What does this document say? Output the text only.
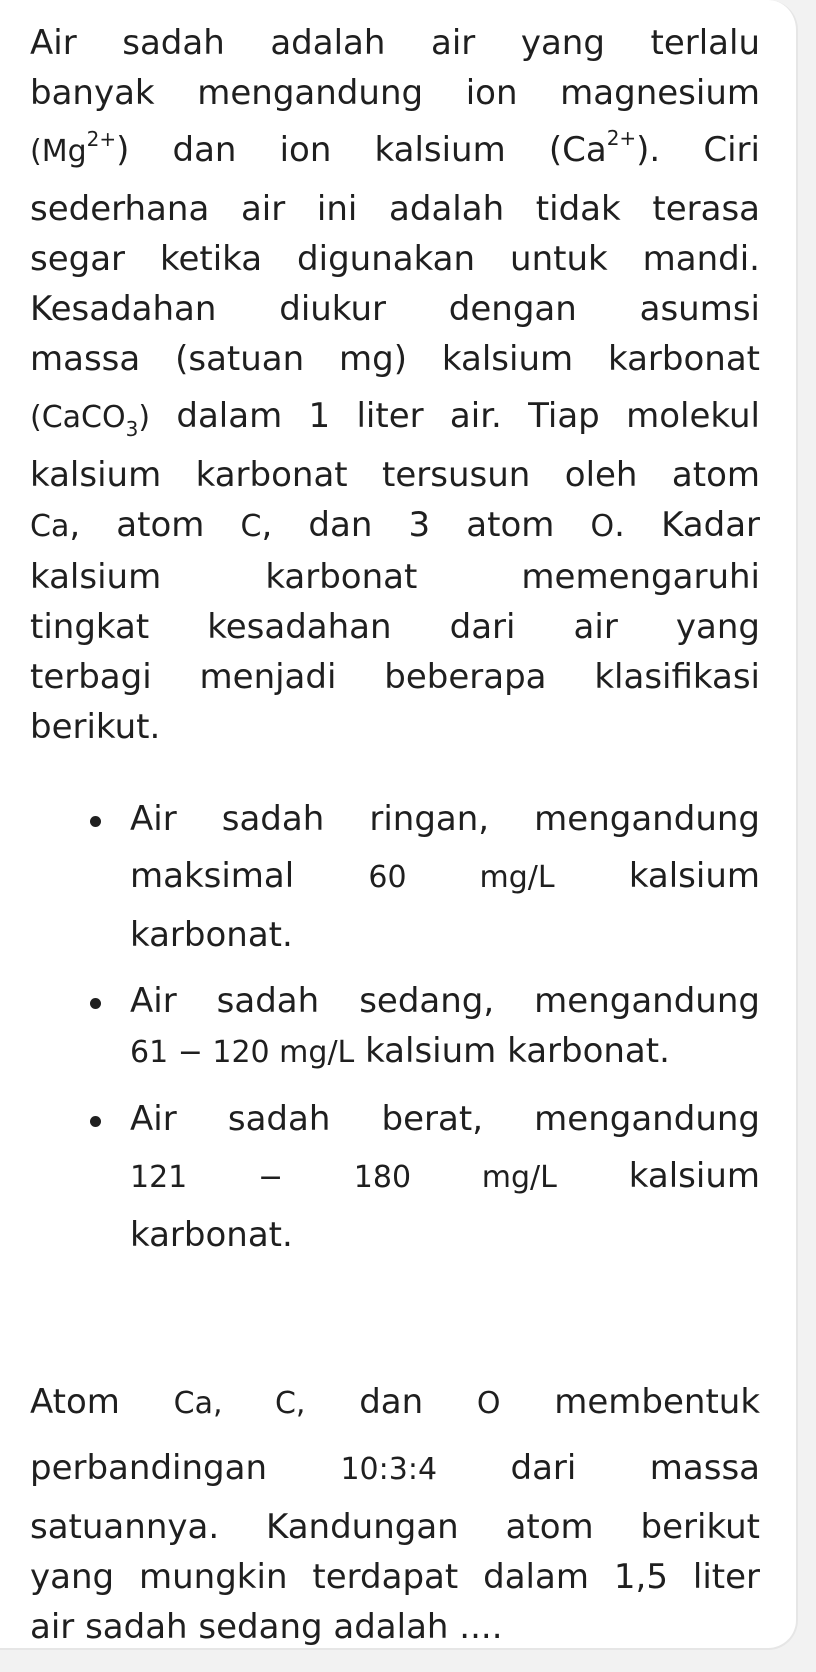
Air sadah adalah air yang terlalu
banyak mengandung ion magnesium
$(Mg^{2+})$ dan ion kalsium $(Ca^{2+})$. Ciri
sederhana air ini adalah tidak terasa
segar ketika digunakan untuk mandi.
Kesadahan diukur dengan asumsi
massa (satuan mg) kalsium karbonat
(CaCO$_3$) dalam 1 liter air. Tiap molekul
kalsium karbonat tersusun oleh atom
Ca, atom C, dan 3 atom O. Kadar
kalsium karbonat memengaruhi
tingkat kesadahan dari air yang
terbagi menjadi beberapa klasifikasi
berikut.
Air sadah ringan, mengandung
maksimal 60 mg/L kalsium
karbonat.
Air sadah sedang, mengandung
61 − 120 mg/L kalsium karbonat.
Air sadah berat, mengandung
121 − 180 mg/L kalsium
karbonat.
Atom Ca, C, dan O membentuk
perbandingan 10:3:4 dari massa
satuannya. Kandungan atom berikut
yang mungkin terdapat dalam 1,5 liter
air sadah sedang adalah ....
